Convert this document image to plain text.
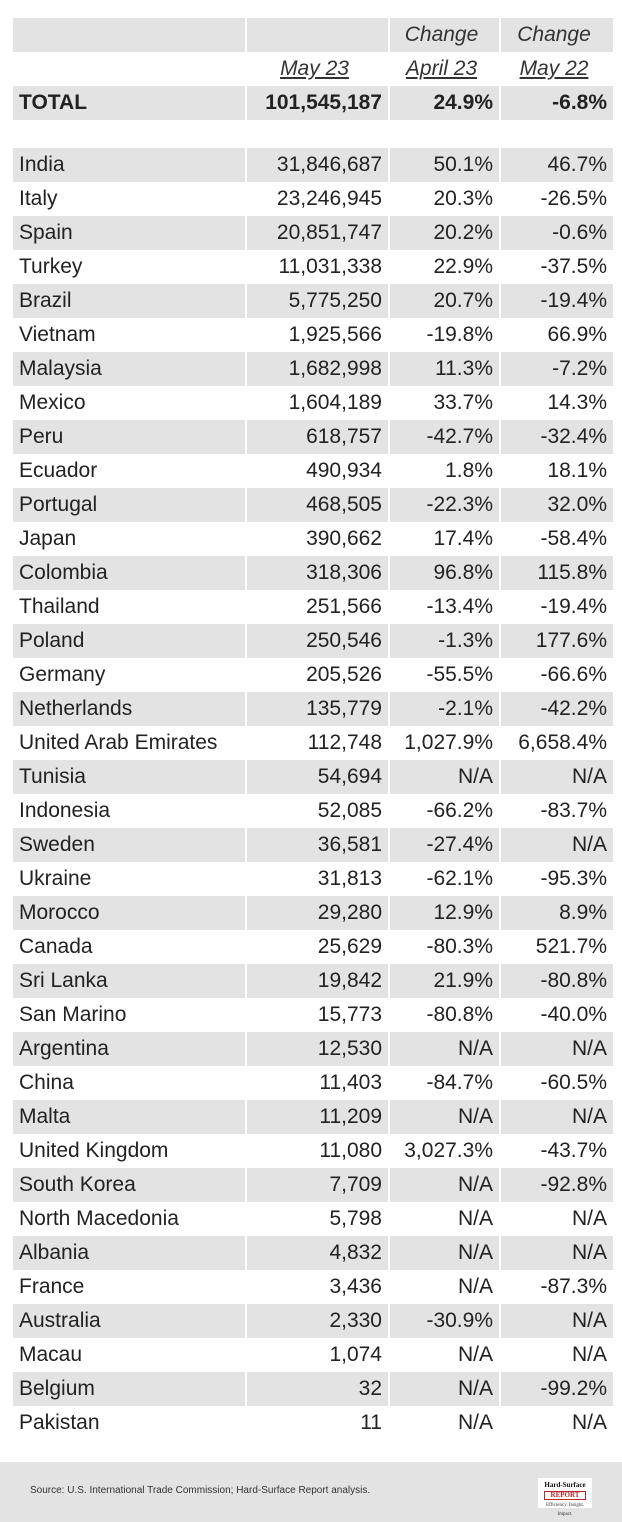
Change	Change
May 23	April 23	May 22
TOTAL	101,545,187 24.9%	-6.8%
India	31,846,687 50.1%	46.7%
Italy	23,246,945 20.3% -26.5%
Spain	20,851,747 20.2%	-0.6%
Turkey	11,031,338 22.9% -37.5%
Brazil	5,775,250 20.7% -19.4%
Vietnam	1,925,566 -19.8%	66.9%
Malaysia	1,682,998	11.3%	-7.2%
Mexico	1,604,189 33.7%	14.3%
Peru	618,757 -42.7% -32.4%
Ecuador	490,934	1.8%	18.1%
Portugal	468,505 -22.3%	32.0%
Japan	390,662 17.4% -58.4%
Colombia	318,306 96.8% 115.8%
Thailand	251,566 -13.4% -19.4%
Poland	250,546	-1.3% 177.6%
Germany	205,526 -55.5% -66.6%
Netherlands	135,779	-2.1% -42.2%
United Arab Emirates	112,748 1,027.9% 6,658.4%
Tunisia	54,694	N/A	N/A
Indonesia	52,085 -66.2% -83.7%
Sweden	36,581 -27.4%	N/A
Ukraine	31,813 -62.1% -95.3%
Morocco	29,280 12.9%	8.9%
Canada	25,629 -80.3% 521.7%
Sri Lanka	19,842 21.9% -80.8%
San Marino	15,773 -80.8% -40.0%
Argentina	12,530	N/A	N/A
China	11,403 -84.7% -60.5%
Malta	11,209	N/A	N/A
United Kingdom	11,080 3,027.3% -43.7%
South Korea	7,709	N/A -92.8%
North Macedonia	5,798	N/A	N/A
Albania	4,832	N/A	N/A
France	3,436	N/A -87.3%
Australia	2,330 -30.9%	N/A
Macau	1,074	N/A	N/A
Belgium	32	N/A -99.2%
Pakistan	11	N/A	N/A
Source: U.S. International Trade Commission; Hard-Surface Report analysis.	Hard-Surface
REPORT
Efficiency. Insight. Impact.
